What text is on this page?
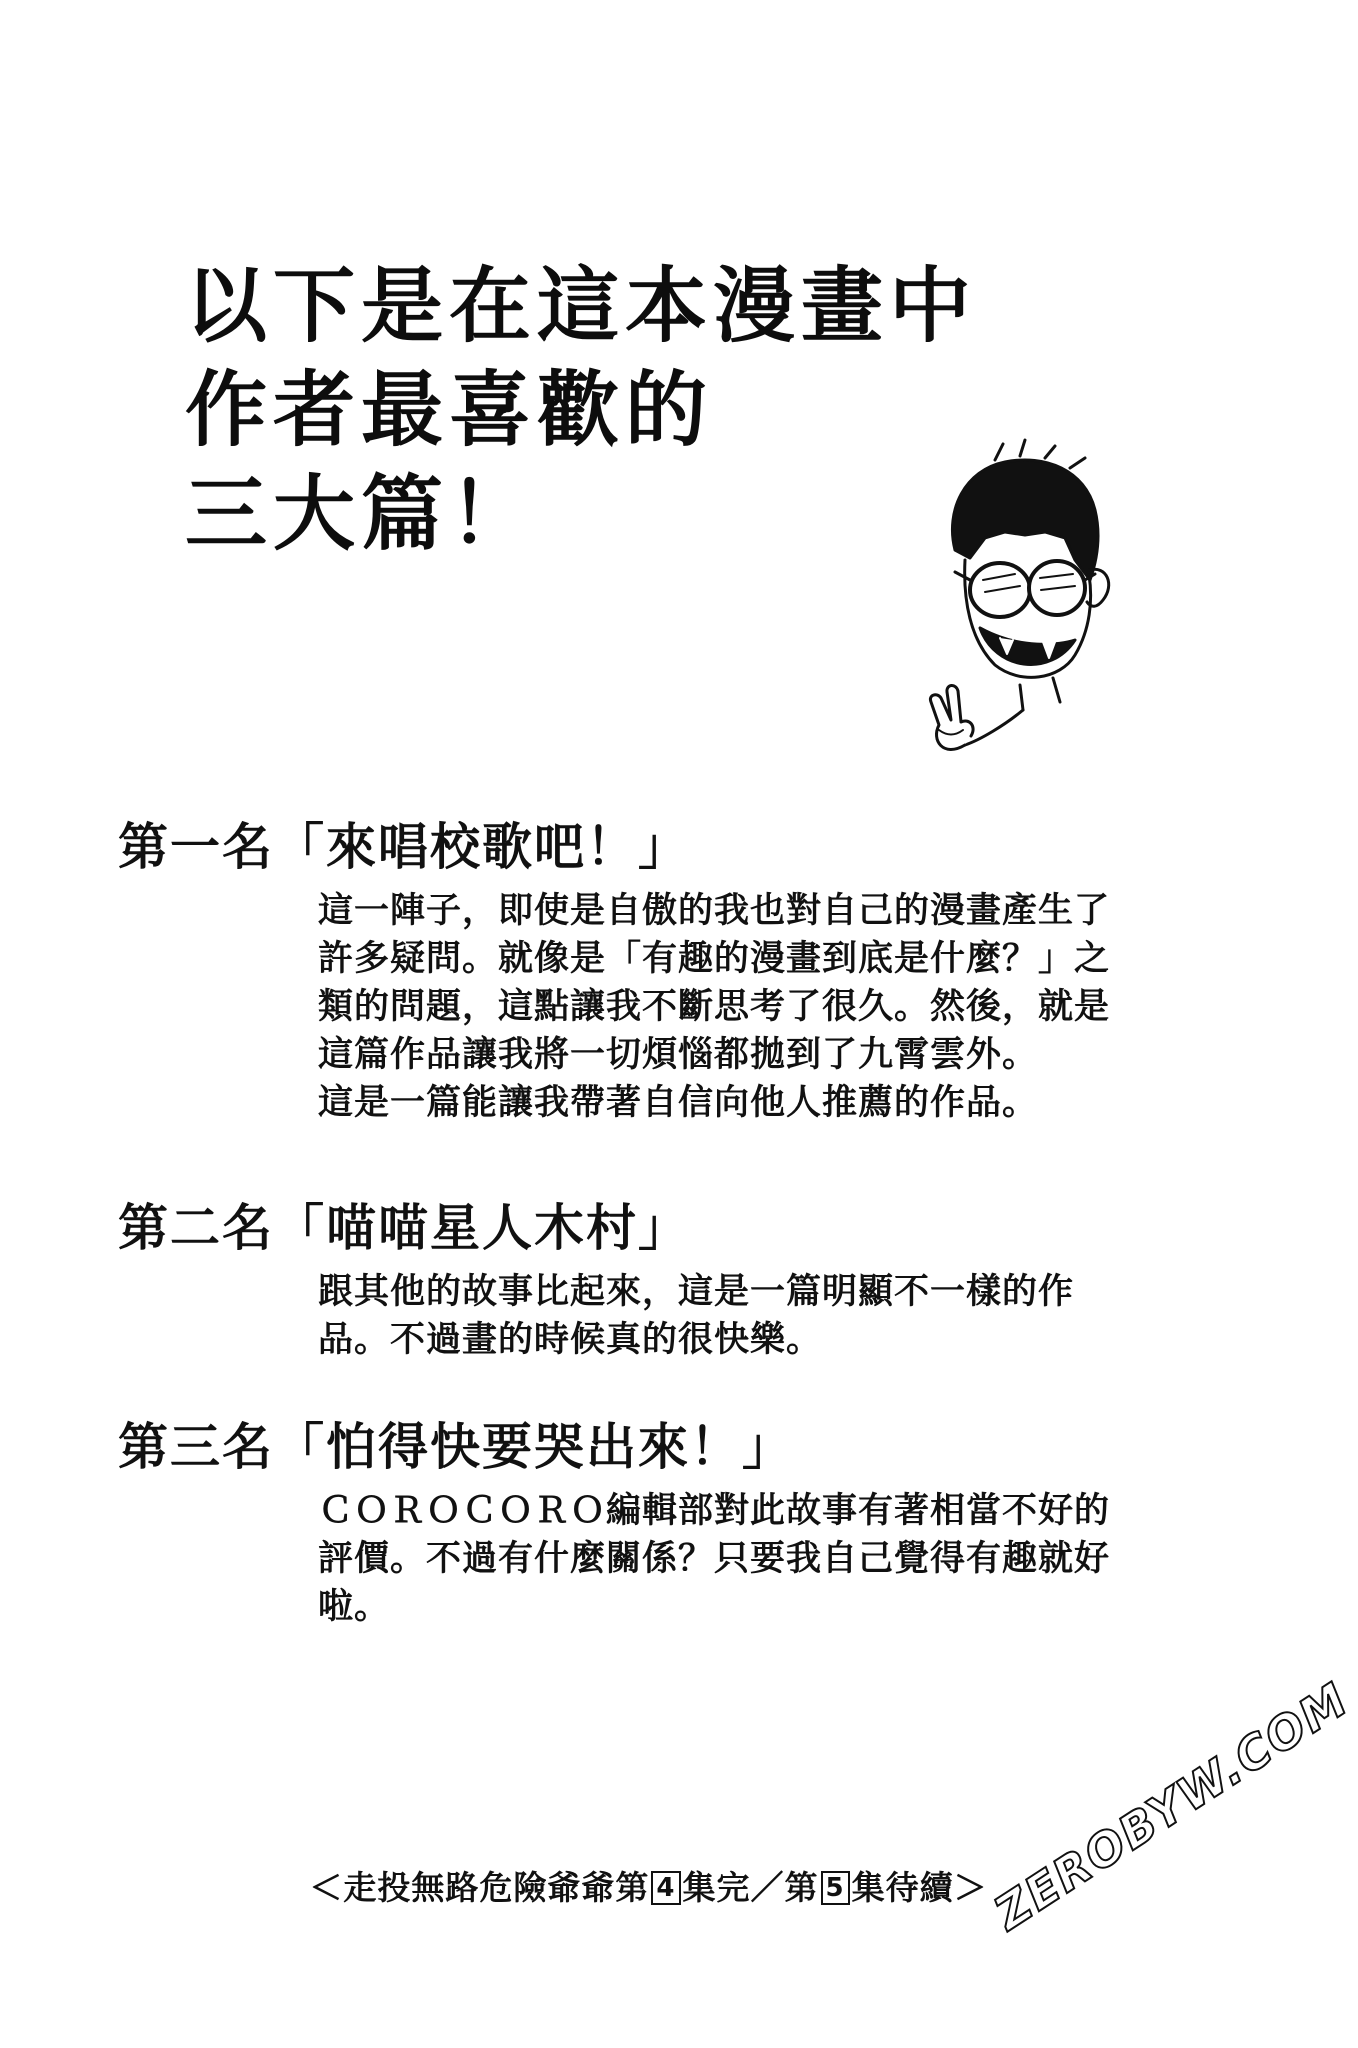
以下是在這本漫畫中
作者最喜歡的
三大篇！
第一名「來唱校歌吧！」

這一陣子，即使是自傲的我也對自己的漫畫產生了

許多疑問。就像是「有趣的漫畫到底是什麼？」之

類的問題，這點讓我不斷思考了很久。然後，就是

這篇作品讓我將一切煩惱都拋到了九霄雲外。

這是一篇能讓我帶著自信向他人推薦的作品。

第二名「喵喵星人木村」

跟其他的故事比起來，這是一篇明顯不一樣的作

品。不過畫的時候真的很快樂。

第三名「怕得快要哭出來！」

ＣＯＲＯＣＯＲＯ編輯部對此故事有著相當不好的

評價。不過有什麼關係？只要我自己覺得有趣就好

啦。

＜走投無路危險爺爺第 4 集完／第 5 集待續＞
ZEROBYW.COM
